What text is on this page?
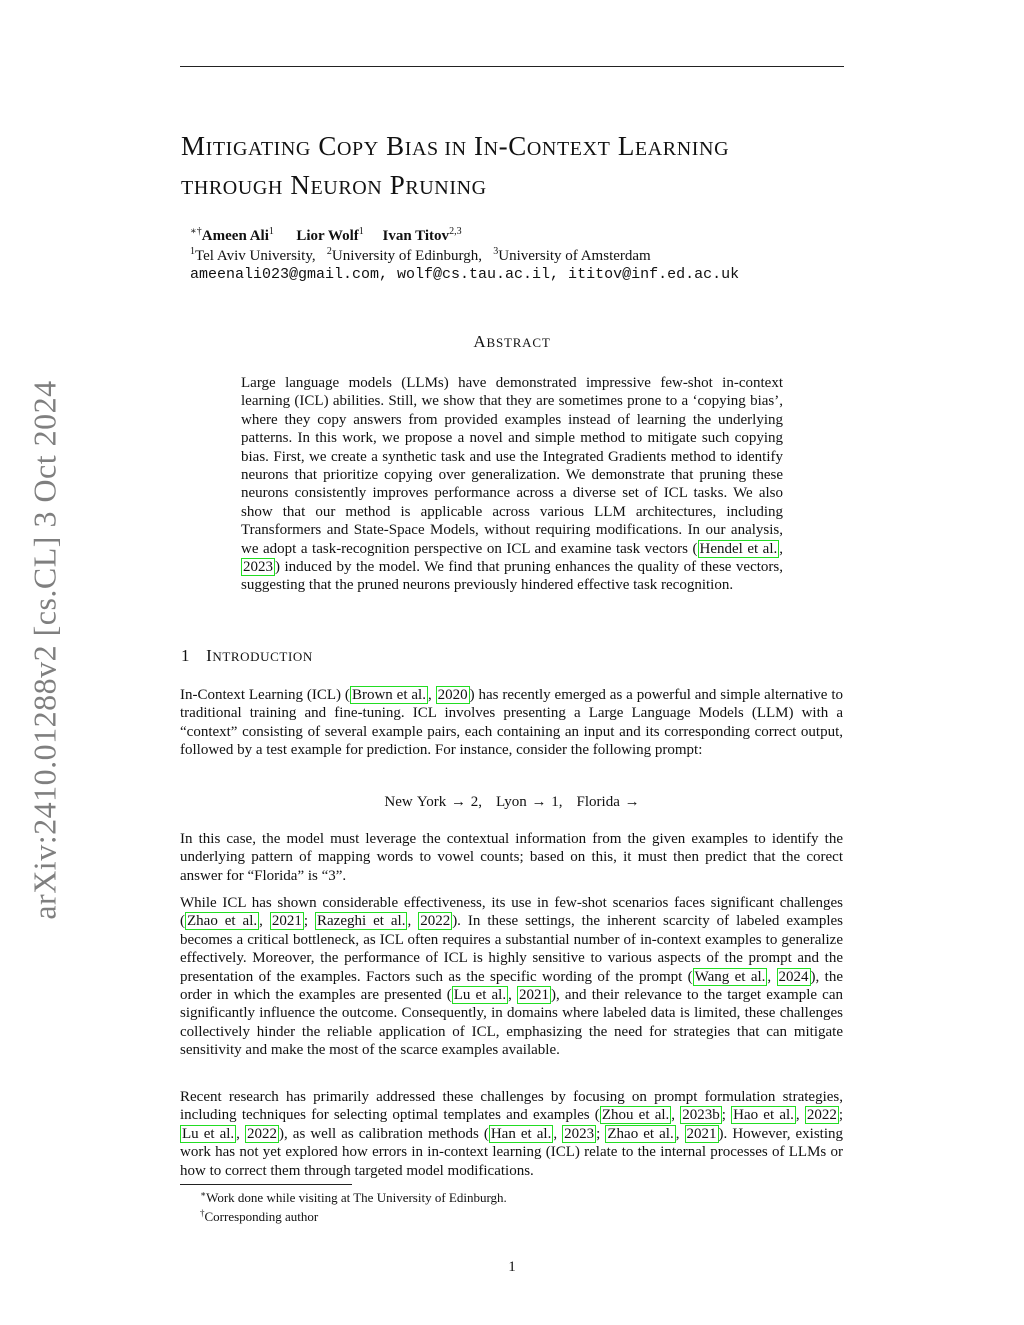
arXiv:2410.01288v2 [cs.CL] 3 Oct 2024
MITIGATING COPY BIAS IN IN-CONTEXT LEARNING
THROUGH NEURON PRUNING
∗†Ameen Ali$^1$ Lior Wolf$^1$ Ivan Titov$^{2,3}$
$^1$Tel Aviv University, $^2$University of Edinburgh, $^3$University of Amsterdam
ameenali023@gmail.com, wolf@cs.tau.ac.il, ititov@inf.ed.ac.uk
ABSTRACT
Large language models (LLMs) have demonstrated impressive few-shot in-context learning (ICL) abilities. Still, we show that they are sometimes prone to a ‘copying bias’, where they copy answers from provided examples instead of learning the underlying patterns. In this work, we propose a novel and simple method to mitigate such copying bias. First, we create a synthetic task and use the Integrated Gradients method to identify neurons that prioritize copying over generalization. We demonstrate that pruning these neurons consistently improves performance across a diverse set of ICL tasks. We also show that our method is applicable across various LLM architectures, including Transformers and State-Space Models, without requiring modifications. In our analysis, we adopt a task-recognition perspective on ICL and examine task vectors ( Hendel et al. , 2023 ) induced by the model. We find that pruning enhances the quality of these vectors, suggesting that the pruned neurons previously hindered effective task recognition.
1 INTRODUCTION
In-Context Learning (ICL) ( Brown et al. , 2020 ) has recently emerged as a powerful and simple alternative to traditional training and fine-tuning. ICL involves presenting a Large Language Models (LLM) with a “context” consisting of several example pairs, each containing an input and its corresponding correct output, followed by a test example for prediction. For instance, consider the following prompt:
New York → 2, Lyon → 1, Florida →
In this case, the model must leverage the contextual information from the given examples to identify the underlying pattern of mapping words to vowel counts; based on this, it must then predict that the corect answer for “Florida” is “3”.
While ICL has shown considerable effectiveness, its use in few-shot scenarios faces significant challenges ( Zhao et al. , 2021 ; Razeghi et al. , 2022 ). In these settings, the inherent scarcity of labeled examples becomes a critical bottleneck, as ICL often requires a substantial number of in-context examples to generalize effectively. Moreover, the performance of ICL is highly sensitive to various aspects of the prompt and the presentation of the examples. Factors such as the specific wording of the prompt ( Wang et al. , 2024 ), the order in which the examples are presented ( Lu et al. , 2021 ), and their relevance to the target example can significantly influence the outcome. Consequently, in domains where labeled data is limited, these challenges collectively hinder the reliable application of ICL, emphasizing the need for strategies that can mitigate sensitivity and make the most of the scarce examples available.
Recent research has primarily addressed these challenges by focusing on prompt formulation strategies, including techniques for selecting optimal templates and examples ( Zhou et al. , 2023b ; Hao et al. , 2022 ; Lu et al. , 2022 ), as well as calibration methods ( Han et al. , 2023 ; Zhao et al. , 2021 ). However, existing work has not yet explored how errors in in-context learning (ICL) relate to the internal processes of LLMs or how to correct them through targeted model modifications.
∗Work done while visiting at The University of Edinburgh.
†Corresponding author
1
